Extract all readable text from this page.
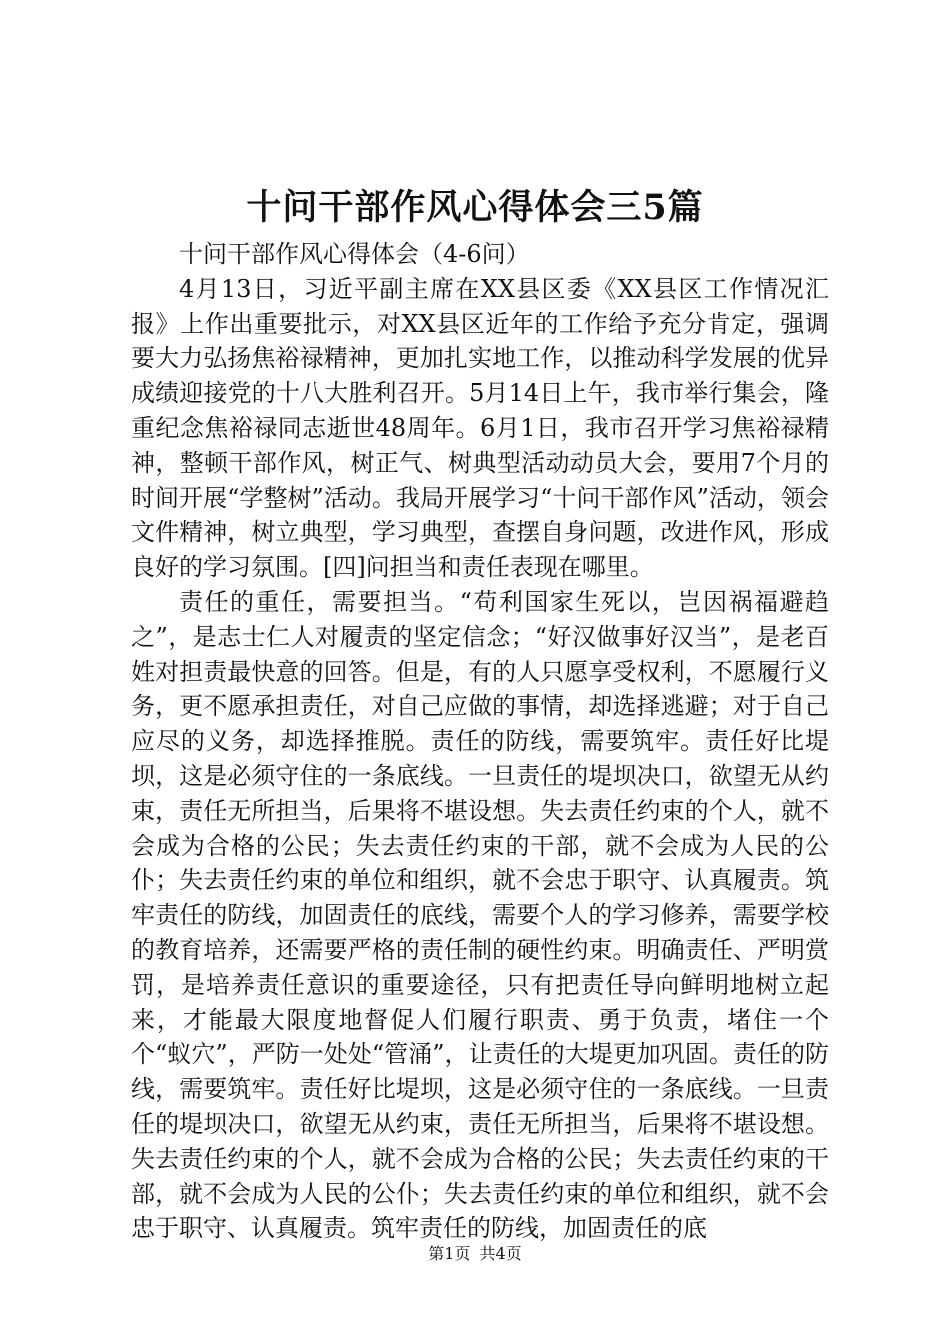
十问干部作风心得体会三5篇

十问干部作风心得体会（4-6问）

4月13日，习近平副主席在XX县区委《XX县区工作情况汇报》上作出重要批示，对XX县区近年的工作给予充分肯定，强调要大力弘扬焦裕禄精神，更加扎实地工作，以推动科学发展的优异成绩迎接党的十八大胜利召开。5月14日上午，我市举行集会，隆重纪念焦裕禄同志逝世48周年。6月1日，我市召开学习焦裕禄精神，整顿干部作风，树正气、树典型活动动员大会，要用7个月的时间开展“学整树”活动。我局开展学习“十问干部作风”活动，领会文件精神，树立典型，学习典型，查摆自身问题，改进作风，形成良好的学习氛围。[四]问担当和责任表现在哪里。

责任的重任，需要担当。“苟利国家生死以，岂因祸福避趋之”，是志士仁人对履责的坚定信念；“好汉做事好汉当”，是老百姓对担责最快意的回答。但是，有的人只愿享受权利，不愿履行义务，更不愿承担责任，对自己应做的事情，却选择逃避；对于自己应尽的义务，却选择推脱。责任的防线，需要筑牢。责任好比堤坝，这是必须守住的一条底线。一旦责任的堤坝决口，欲望无从约束，责任无所担当，后果将不堪设想。失去责任约束的个人，就不会成为合格的公民；失去责任约束的干部，就不会成为人民的公仆；失去责任约束的单位和组织，就不会忠于职守、认真履责。筑牢责任的防线，加固责任的底线，需要个人的学习修养，需要学校的教育培养，还需要严格的责任制的硬性约束。明确责任、严明赏罚，是培养责任意识的重要途径，只有把责任导向鲜明地树立起来，才能最大限度地督促人们履行职责、勇于负责，堵住一个个“蚁穴”，严防一处处“管涌”，让责任的大堤更加巩固。责任的防线，需要筑牢。责任好比堤坝，这是必须守住的一条底线。一旦责任的堤坝决口，欲望无从约束，责任无所担当，后果将不堪设想。失去责任约束的个人，就不会成为合格的公民；失去责任约束的干部，就不会成为人民的公仆；失去责任约束的单位和组织，就不会忠于职守、认真履责。筑牢责任的防线，加固责任的底

第1页 共4页
